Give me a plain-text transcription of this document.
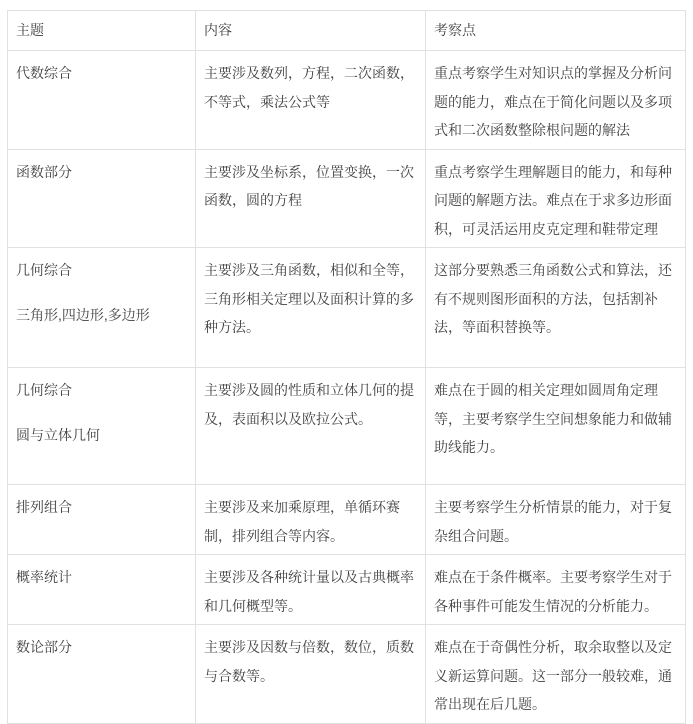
主题	内容	考察点

代数综合	主要涉及数列，方程，二次函数，不等式，乘法公式等	重点考察学生对知识点的掌握及分析问题的能力，难点在于简化问题以及多项式和二次函数整除根问题的解法

函数部分	主要涉及坐标系，位置变换，一次函数，圆的方程	重点考察学生理解题目的能力，和每种问题的解题方法。难点在于求多边形面积，可灵活运用皮克定理和鞋带定理

几何综合
三角形,四边形,多边形	主要涉及三角函数，相似和全等，三角形相关定理以及面积计算的多种方法。	这部分要熟悉三角函数公式和算法，还有不规则图形面积的方法，包括割补法，等面积替换等。

几何综合
圆与立体几何	主要涉及圆的性质和立体几何的提及，表面积以及欧拉公式。	难点在于圆的相关定理如圆周角定理等，主要考察学生空间想象能力和做辅助线能力。

排列组合	主要涉及来加乘原理，单循环赛制，排列组合等内容。	主要考察学生分析情景的能力，对于复杂组合问题。

概率统计	主要涉及各种统计量以及古典概率和几何概型等。	难点在于条件概率。主要考察学生对于各种事件可能发生情况的分析能力。

数论部分	主要涉及因数与倍数，数位，质数与合数等。	难点在于奇偶性分析，取余取整以及定义新运算问题。这一部分一般较难，通常出现在后几题。
